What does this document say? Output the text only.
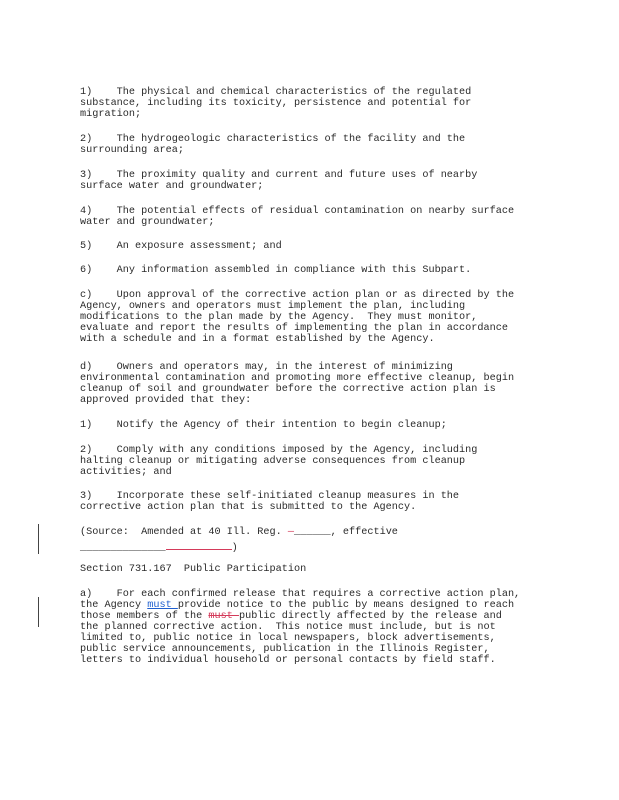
1)    The physical and chemical characteristics of the regulated

substance, including its toxicity, persistence and potential for

migration;

2)    The hydrogeologic characteristics of the facility and the

surrounding area;

3)    The proximity quality and current and future uses of nearby

surface water and groundwater;

4)    The potential effects of residual contamination on nearby surface

water and groundwater;

5)    An exposure assessment; and

6)    Any information assembled in compliance with this Subpart.

c)    Upon approval of the corrective action plan or as directed by the

Agency, owners and operators must implement the plan, including

modifications to the plan made by the Agency.  They must monitor,

evaluate and report the results of implementing the plan in accordance

with a schedule and in a format established by the Agency.

d)    Owners and operators may, in the interest of minimizing

environmental contamination and promoting more effective cleanup, begin

cleanup of soil and groundwater before the corrective action plan is

approved provided that they:

1)    Notify the Agency of their intention to begin cleanup;

2)    Comply with any conditions imposed by the Agency, including

halting cleanup or mitigating adverse consequences from cleanup

activities; and

3)    Incorporate these self-initiated cleanup measures in the

corrective action plan that is submitted to the Agency.

(Source:  Amended at 40 Ill. Reg. —______, effective

______________	)

Section 731.167  Public Participation

a)    For each confirmed release that requires a corrective action plan,

the Agency must provide notice to the public by means designed to reach

those members of the must public directly affected by the release and

the planned corrective action.  This notice must include, but is not

limited to, public notice in local newspapers, block advertisements,

public service announcements, publication in the Illinois Register,

letters to individual household or personal contacts by field staff.
